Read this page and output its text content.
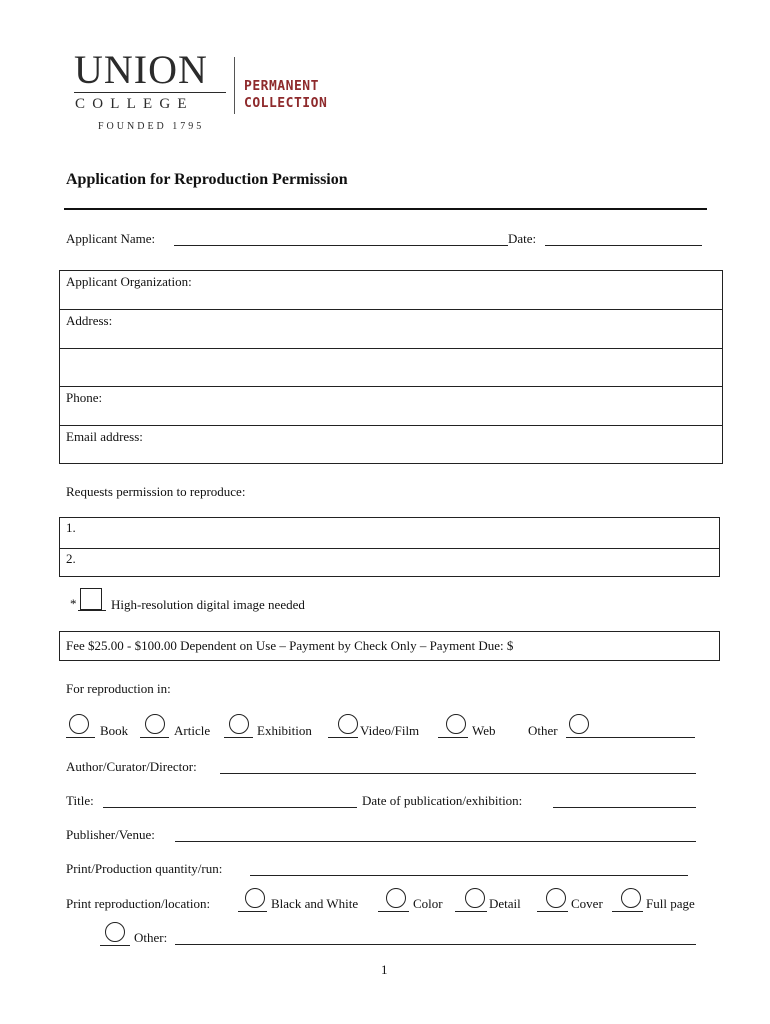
UNION
COLLEGE
FOUNDED 1795
PERMANENT
COLLECTION
Application for Reproduction Permission
Applicant Name:	Date:
Applicant Organization:
Address:
Phone:
Email address:
Requests permission to reproduce:
1.
2.
*	High-resolution digital image needed
Fee $25.00 - $100.00 Dependent on Use – Payment by Check Only – Payment Due: $
For reproduction in:
Book	Article	Exhibition	Video/Film	Web	Other
Author/Curator/Director:
Title:	Date of publication/exhibition:
Publisher/Venue:
Print/Production quantity/run:
Print reproduction/location:	Black and White	Color	Detail	Cover	Full page
Other:
1
